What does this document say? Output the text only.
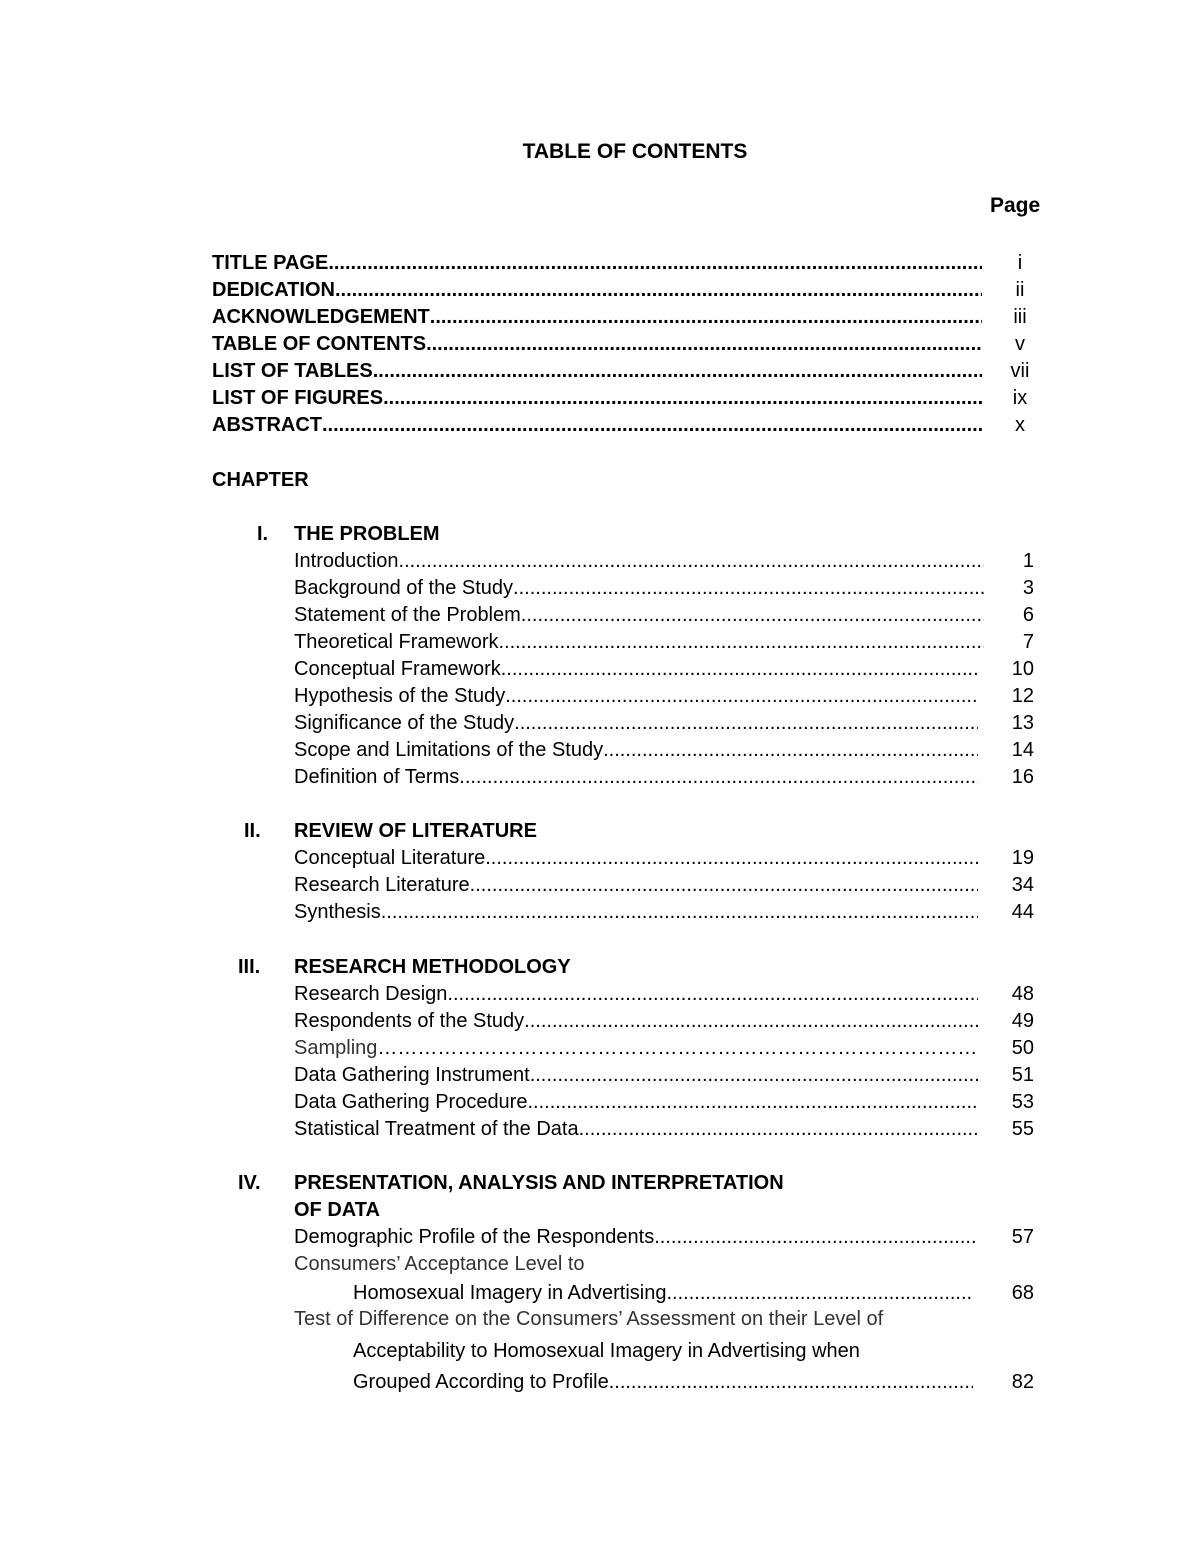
TABLE OF CONTENTS
Page
TITLE PAGE .....	i
DEDICATION .....	ii
ACKNOWLEDGEMENT .....	iii
TABLE OF CONTENTS .....	v
LIST OF TABLES .....	vii
LIST OF FIGURES .....	ix
ABSTRACT .....	x
CHAPTER
I. THE PROBLEM
Introduction .....	1
Background of the Study .....	3
Statement of the Problem .....	6
Theoretical Framework .....	7
Conceptual Framework .....	10
Hypothesis of the Study .....	12
Significance of the Study .....	13
Scope and Limitations of the Study .....	14
Definition of Terms .....	16
II. REVIEW OF LITERATURE
Conceptual Literature .....	19
Research Literature .....	34
Synthesis .....	44
III. RESEARCH METHODOLOGY
Research Design .....	48
Respondents of the Study .....	49
Sampling ………………………………………………………………………………………………………………………………………………………………	50
Data Gathering Instrument .....	51
Data Gathering Procedure .....	53
Statistical Treatment of the Data .....	55
IV. PRESENTATION, ANALYSIS AND INTERPRETATION
OF DATA
Demographic Profile of the Respondents .....	57
Consumers’ Acceptance Level to
Homosexual Imagery in Advertising .....	68
Test of Difference on the Consumers’ Assessment on their Level of
Acceptability to Homosexual Imagery in Advertising when
Grouped According to Profile .....	82
